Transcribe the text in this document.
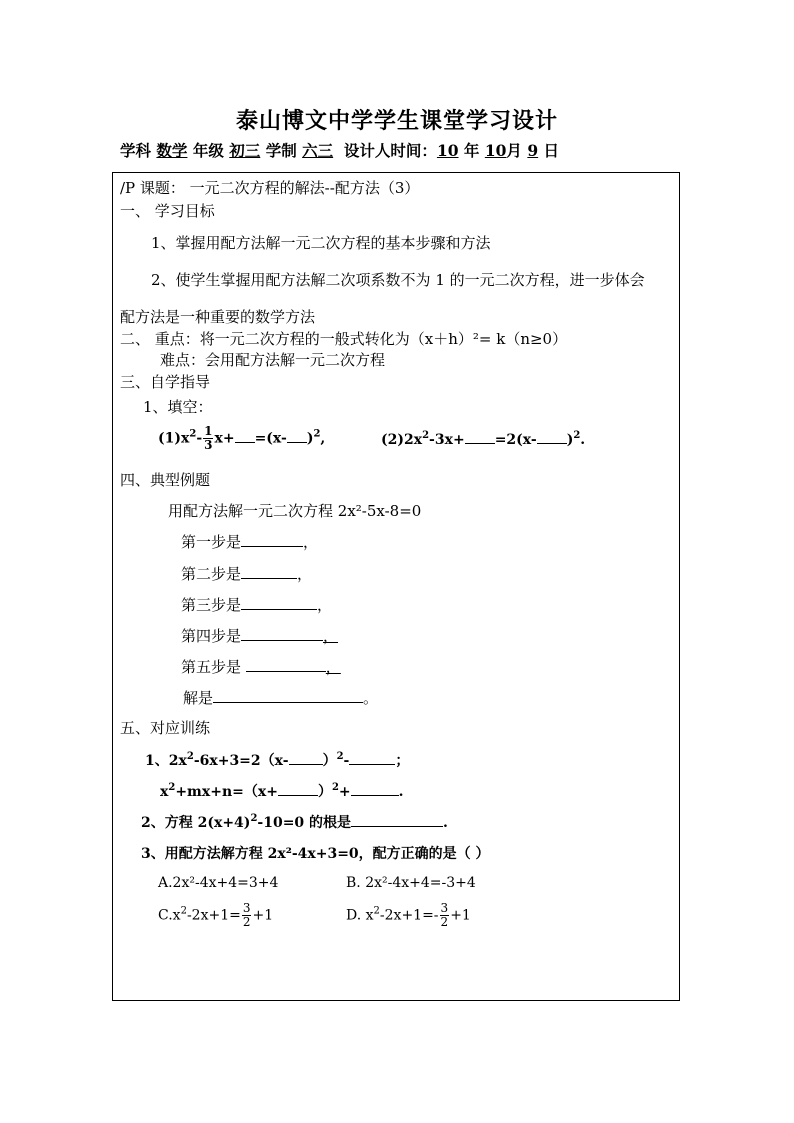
泰山博文中学学生课堂学习设计
学科 数学 年级 初三 学制 六三 设计人时间：10 年 10月 9 日
/P 课题： 一元二次方程的解法--配方法（3）
一、 学习目标
1、掌握用配方法解一元二次方程的基本步骤和方法
2、使学生掌握用配方法解二次项系数不为 1 的一元二次方程，进一步体会
配方法是一种重要的数学方法
二、 重点：将一元二次方程的一般式转化为（x＋h）²= k（n≥0）
难点：会用配方法解一元二次方程
三、自学指导
1、填空：
$(1)x^2- \frac{1}{3} x+ =(x-$ )$^2$,	$(2)2x^2-3x+ =2(x-$ )$^2$.
四、典型例题
用配方法解一元二次方程 2x²-5x-8=0
第一步是	，
第二步是	，
第三步是	，
第四步是	，
第五步是	，
解是	。
五、对应训练
1、$2x^2-6x+3=2(x-$ ）$^2$-	；
$x^2+mx+n=(x+$	）$^2$+	.
2、方程 $2(x+4)^2-10=0$ 的根是	.
3、用配方法解方程 2x²-4x+3=0，配方正确的是（ ）
A.2x²-4x+4=3+4	B. 2x²-4x+4=-3+4
$C.x^2-2x+1= \frac{3}{2} +1$	D. $x^2-2x+1=- \frac{3}{2} +1$
